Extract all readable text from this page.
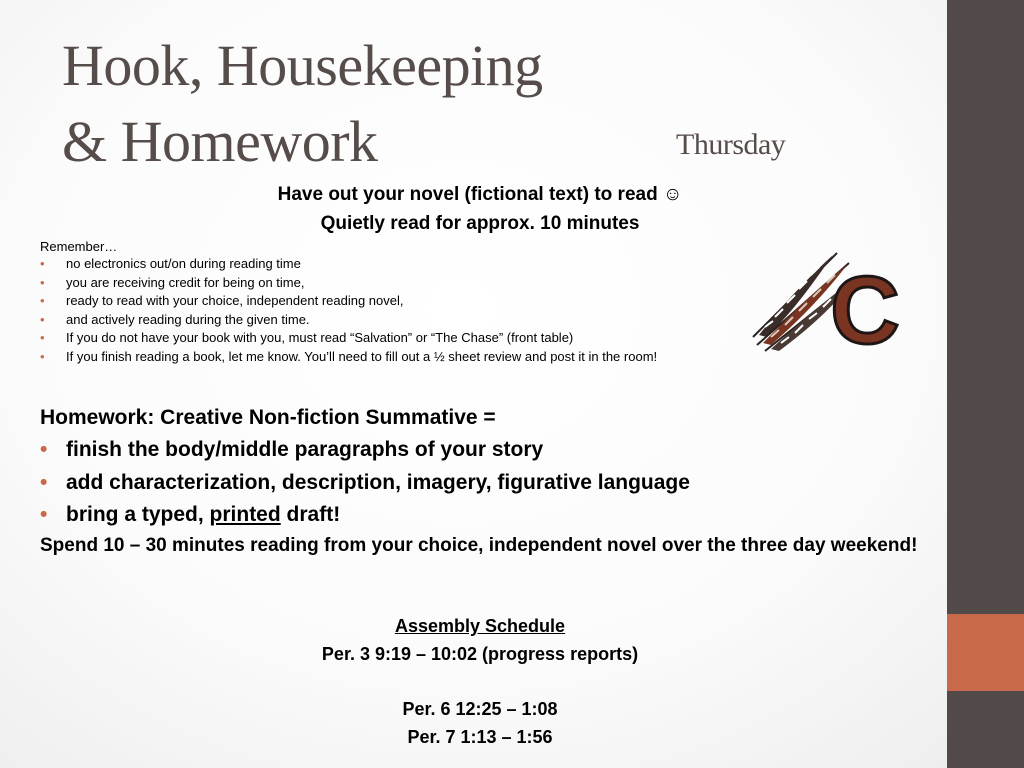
Hook, Housekeeping
& Homework	Thursday
Have out your novel (fictional text) to read ☺
Quietly read for approx. 10 minutes
Remember…
• no electronics out/on during reading time
• you are receiving credit for being on time,
• ready to read with your choice, independent reading novel,
• and actively reading during the given time.
• If you do not have your book with you, must read “Salvation” or “The Chase” (front table)
• If you finish reading a book, let me know. You’ll need to fill out a ½ sheet review and post it in the room!	C
Homework: Creative Non-fiction Summative =
• finish the body/middle paragraphs of your story
• add characterization, description, imagery, figurative language
• bring a typed, printed draft!
Spend 10 – 30 minutes reading from your choice, independent novel over the three day weekend!
Assembly Schedule
Per. 3 9:19 – 10:02 (progress reports)
Per. 6 12:25 – 1:08
Per. 7 1:13 – 1:56
